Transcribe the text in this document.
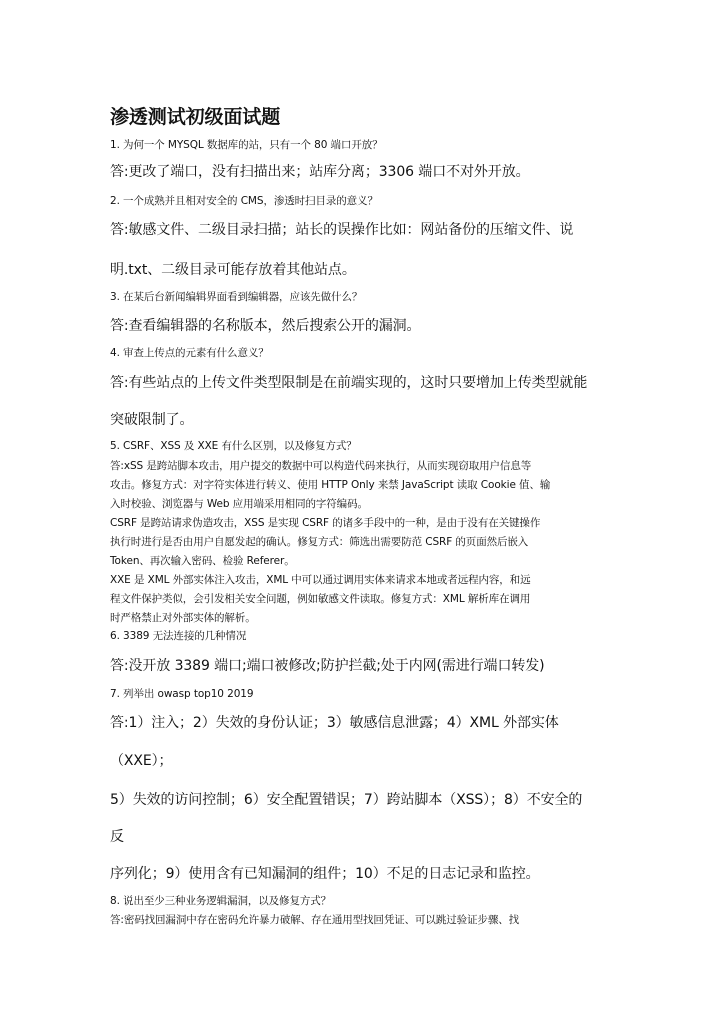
渗透测试初级面试题

1. 为何一个 MYSQL 数据库的站，只有一个 80 端口开放？

答:更改了端口，没有扫描出来；站库分离；3306 端口不对外开放。

2. 一个成熟并且相对安全的 CMS，渗透时扫目录的意义？

答:敏感文件、二级目录扫描；站长的误操作比如：网站备份的压缩文件、说

明.txt、二级目录可能存放着其他站点。

3. 在某后台新闻编辑界面看到编辑器，应该先做什么？

答:查看编辑器的名称版本，然后搜索公开的漏洞。

4. 审查上传点的元素有什么意义？

答:有些站点的上传文件类型限制是在前端实现的，这时只要增加上传类型就能

突破限制了。

5. CSRF、XSS 及 XXE 有什么区别，以及修复方式？

答:xSS 是跨站脚本攻击，用户提交的数据中可以构造代码来执行，从而实现窃取用户信息等

攻击。修复方式：对字符实体进行转义、使用 HTTP Only 来禁 JavaScript 读取 Cookie 值、输

入时校验、浏览器与 Web 应用端采用相同的字符编码。

CSRF 是跨站请求伪造攻击，XSS 是实现 CSRF 的诸多手段中的一种，是由于没有在关键操作

执行时进行是否由用户自愿发起的确认。修复方式：筛选出需要防范 CSRF 的页面然后嵌入

Token、再次输入密码、检验 Referer。

XXE 是 XML 外部实体注入攻击，XML 中可以通过调用实体来请求本地或者远程内容，和远

程文件保护类似，会引发相关安全问题，例如敏感文件读取。修复方式：XML 解析库在调用

时严格禁止对外部实体的解析。

6. 3389 无法连接的几种情况

答:没开放 3389 端口;端口被修改;防护拦截;处于内网(需进行端口转发)

7. 列举出 owasp top10 2019

答:1）注入；2）失效的身份认证；3）敏感信息泄露；4）XML 外部实体

（XXE）；

5）失效的访问控制；6）安全配置错误；7）跨站脚本（XSS）；8）不安全的

反

序列化；9）使用含有已知漏洞的组件；10）不足的日志记录和监控。

8. 说出至少三种业务逻辑漏洞，以及修复方式？

答:密码找回漏洞中存在密码允许暴力破解、存在通用型找回凭证、可以跳过验证步骤、找
